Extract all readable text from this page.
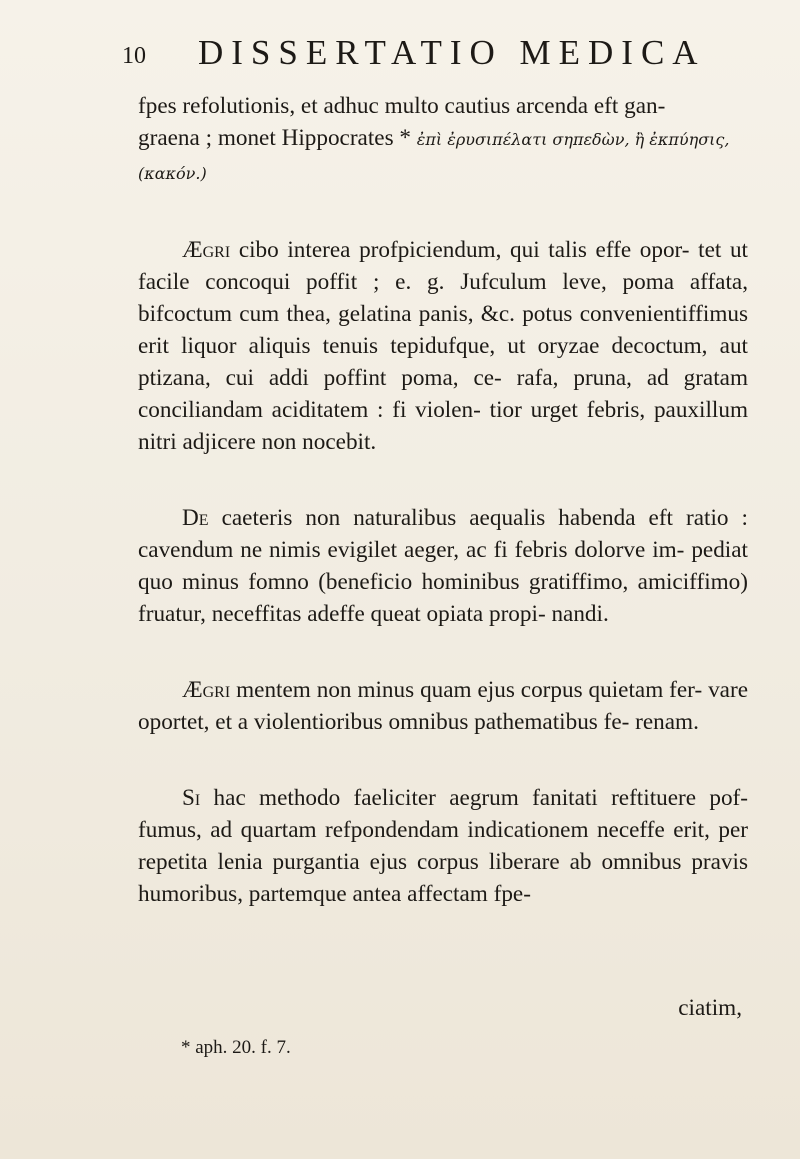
10 DISSERTATIO MEDICA

fpes refolutionis, et adhuc multo cautius arcenda eft gan-

graena ; monet Hippocrates * ἐπὶ ἐρυσιπέλατι σηπεδὼν, ἢ ἐκπύησις,

(κακόν.)

Ægri cibo interea profpiciendum, qui talis effe opor- tet ut facile concoqui poffit ; e. g. Jufculum leve, poma affata, bifcoctum cum thea, gelatina panis, &c. potus convenientiffimus erit liquor aliquis tenuis tepidufque, ut oryzae decoctum, aut ptizana, cui addi poffint poma, ce- rafa, pruna, ad gratam conciliandam aciditatem : fi violen- tior urget febris, pauxillum nitri adjicere non nocebit.
De caeteris non naturalibus aequalis habenda eft ratio : cavendum ne nimis evigilet aeger, ac fi febris dolorve im- pediat quo minus fomno (beneficio hominibus gratiffimo, amiciffimo) fruatur, neceffitas adeffe queat opiata propi- nandi.
Ægri mentem non minus quam ejus corpus quietam fer- vare oportet, et a violentioribus omnibus pathematibus fe- renam.
Si hac methodo faeliciter aegrum fanitati reftituere pof- fumus, ad quartam refpondendam indicationem neceffe erit, per repetita lenia purgantia ejus corpus liberare ab omnibus pravis humoribus, partemque antea affectam fpe-
ciatim,
* aph. 20. f. 7.
